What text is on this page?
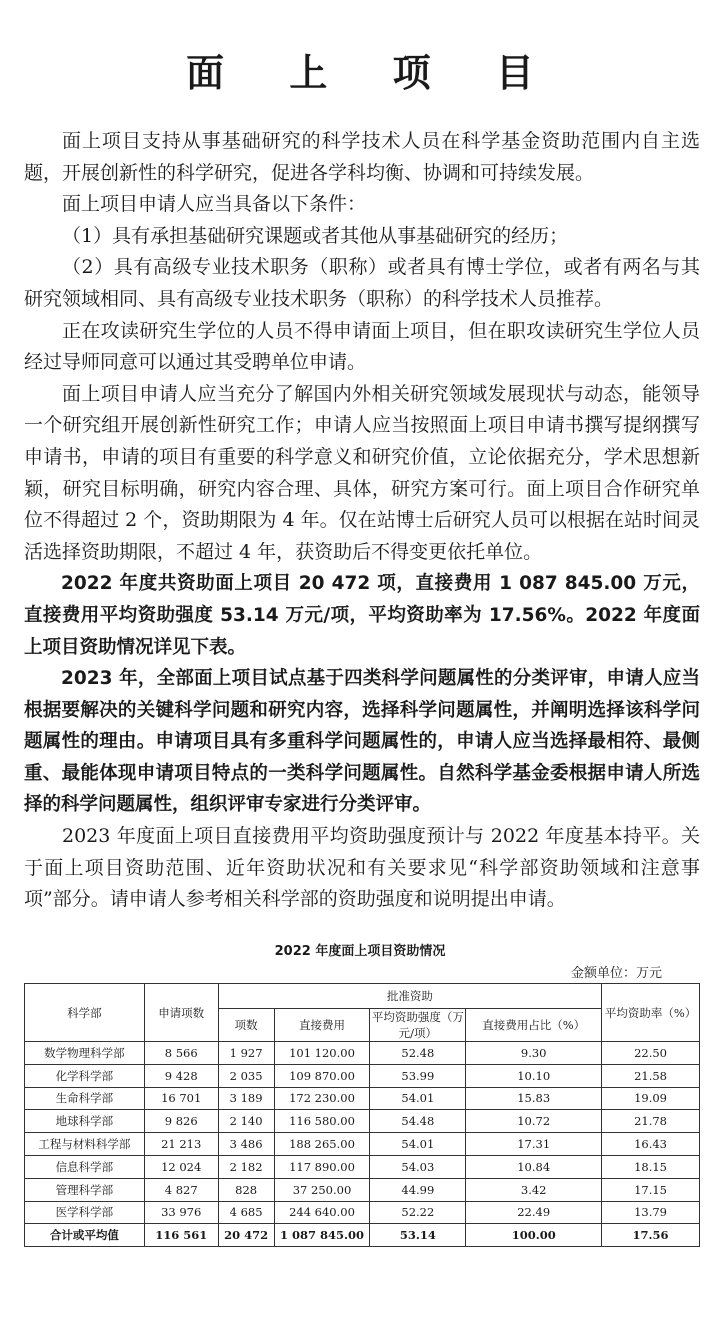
面 上 项 目

面上项目支持从事基础研究的科学技术人员在科学基金资助范围内自主选题，开展创新性的科学研究，促进各学科均衡、协调和可持续发展。

面上项目申请人应当具备以下条件：

（1）具有承担基础研究课题或者其他从事基础研究的经历；

（2）具有高级专业技术职务（职称）或者具有博士学位，或者有两名与其研究领域相同、具有高级专业技术职务（职称）的科学技术人员推荐。

正在攻读研究生学位的人员不得申请面上项目，但在职攻读研究生学位人员经过导师同意可以通过其受聘单位申请。

面上项目申请人应当充分了解国内外相关研究领域发展现状与动态，能领导一个研究组开展创新性研究工作；申请人应当按照面上项目申请书撰写提纲撰写申请书，申请的项目有重要的科学意义和研究价值，立论依据充分，学术思想新颖，研究目标明确，研究内容合理、具体，研究方案可行。面上项目合作研究单位不得超过 2 个，资助期限为 4 年。仅在站博士后研究人员可以根据在站时间灵活选择资助期限，不超过 4 年，获资助后不得变更依托单位。

2022 年度共资助面上项目 20 472 项，直接费用 1 087 845.00 万元，直接费用平均资助强度 53.14 万元/项，平均资助率为 17.56%。2022 年度面上项目资助情况详见下表。

2023 年，全部面上项目试点基于四类科学问题属性的分类评审，申请人应当根据要解决的关键科学问题和研究内容，选择科学问题属性，并阐明选择该科学问题属性的理由。申请项目具有多重科学问题属性的，申请人应当选择最相符、最侧重、最能体现申请项目特点的一类科学问题属性。自然科学基金委根据申请人所选择的科学问题属性，组织评审专家进行分类评审。

2023 年度面上项目直接费用平均资助强度预计与 2022 年度基本持平。关于面上项目资助范围、近年资助状况和有关要求见“科学部资助领域和注意事项”部分。请申请人参考相关科学部的资助强度和说明提出申请。

2022 年度面上项目资助情况
金额单位：万元
科学部	申请项数	批准资助				平均资助率（%）
		项数	直接费用	平均资助强度（万元/项）	直接费用占比（%）	
数学物理科学部	8 566	1 927	101 120.00	52.48	9.30	22.50
化学科学部	9 428	2 035	109 870.00	53.99	10.10	21.58
生命科学部	16 701	3 189	172 230.00	54.01	15.83	19.09
地球科学部	9 826	2 140	116 580.00	54.48	10.72	21.78
工程与材料科学部	21 213	3 486	188 265.00	54.01	17.31	16.43
信息科学部	12 024	2 182	117 890.00	54.03	10.84	18.15
管理科学部	4 827	828	37 250.00	44.99	3.42	17.15
医学科学部	33 976	4 685	244 640.00	52.22	22.49	13.79
合计或平均值	116 561	20 472	1 087 845.00	53.14	100.00	17.56
